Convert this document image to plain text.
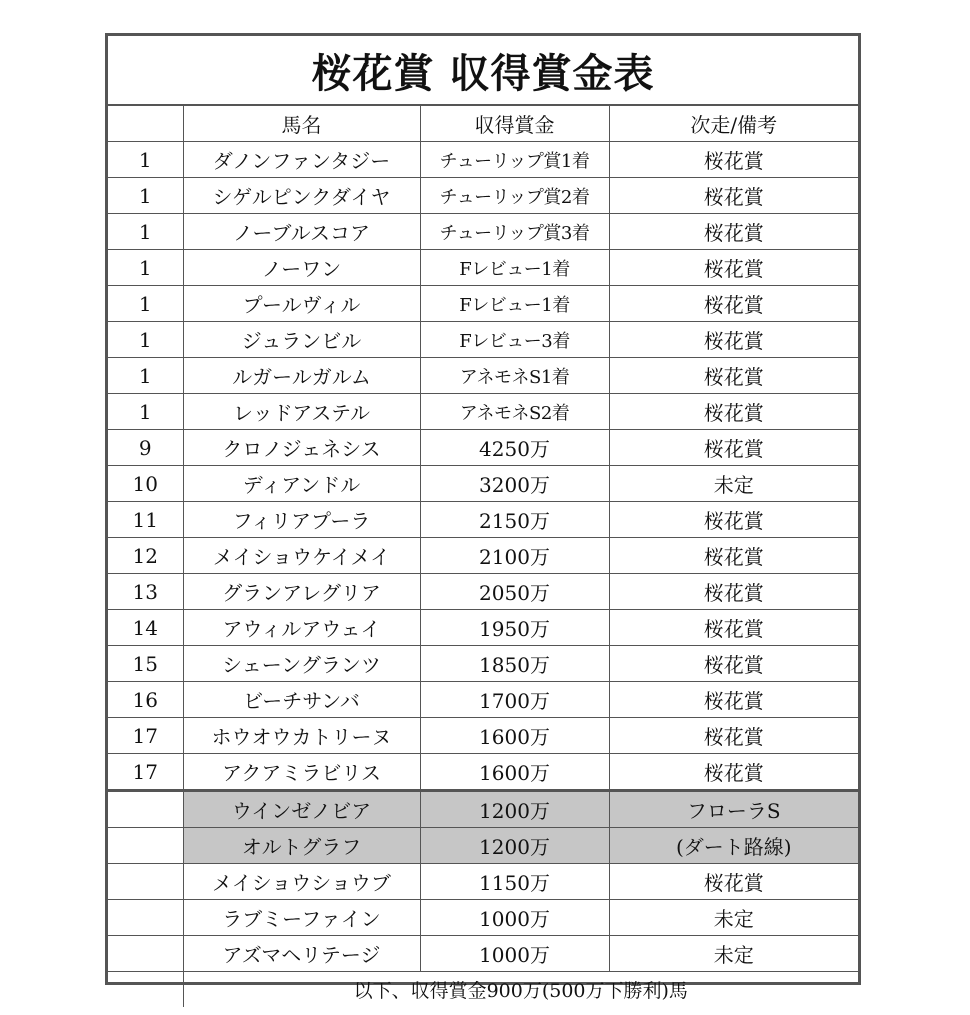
桜花賞 収得賞金表
	馬名	収得賞金	次走/備考
1	ダノンファンタジー	チューリップ賞1着	桜花賞
1	シゲルピンクダイヤ	チューリップ賞2着	桜花賞
1	ノーブルスコア	チューリップ賞3着	桜花賞
1	ノーワン	Fレビュー1着	桜花賞
1	プールヴィル	Fレビュー1着	桜花賞
1	ジュランビル	Fレビュー3着	桜花賞
1	ルガールガルム	アネモネS1着	桜花賞
1	レッドアステル	アネモネS2着	桜花賞
9	クロノジェネシス	4250万	桜花賞
10	ディアンドル	3200万	未定
11	フィリアプーラ	2150万	桜花賞
12	メイショウケイメイ	2100万	桜花賞
13	グランアレグリア	2050万	桜花賞
14	アウィルアウェイ	1950万	桜花賞
15	シェーングランツ	1850万	桜花賞
16	ビーチサンバ	1700万	桜花賞
17	ホウオウカトリーヌ	1600万	桜花賞
17	アクアミラビリス	1600万	桜花賞
	ウインゼノビア	1200万	フローラS
	オルトグラフ	1200万	(ダート路線)
	メイショウショウブ	1150万	桜花賞
	ラブミーファイン	1000万	未定
	アズマヘリテージ	1000万	未定
	以下、収得賞金900万(500万下勝利)馬		
